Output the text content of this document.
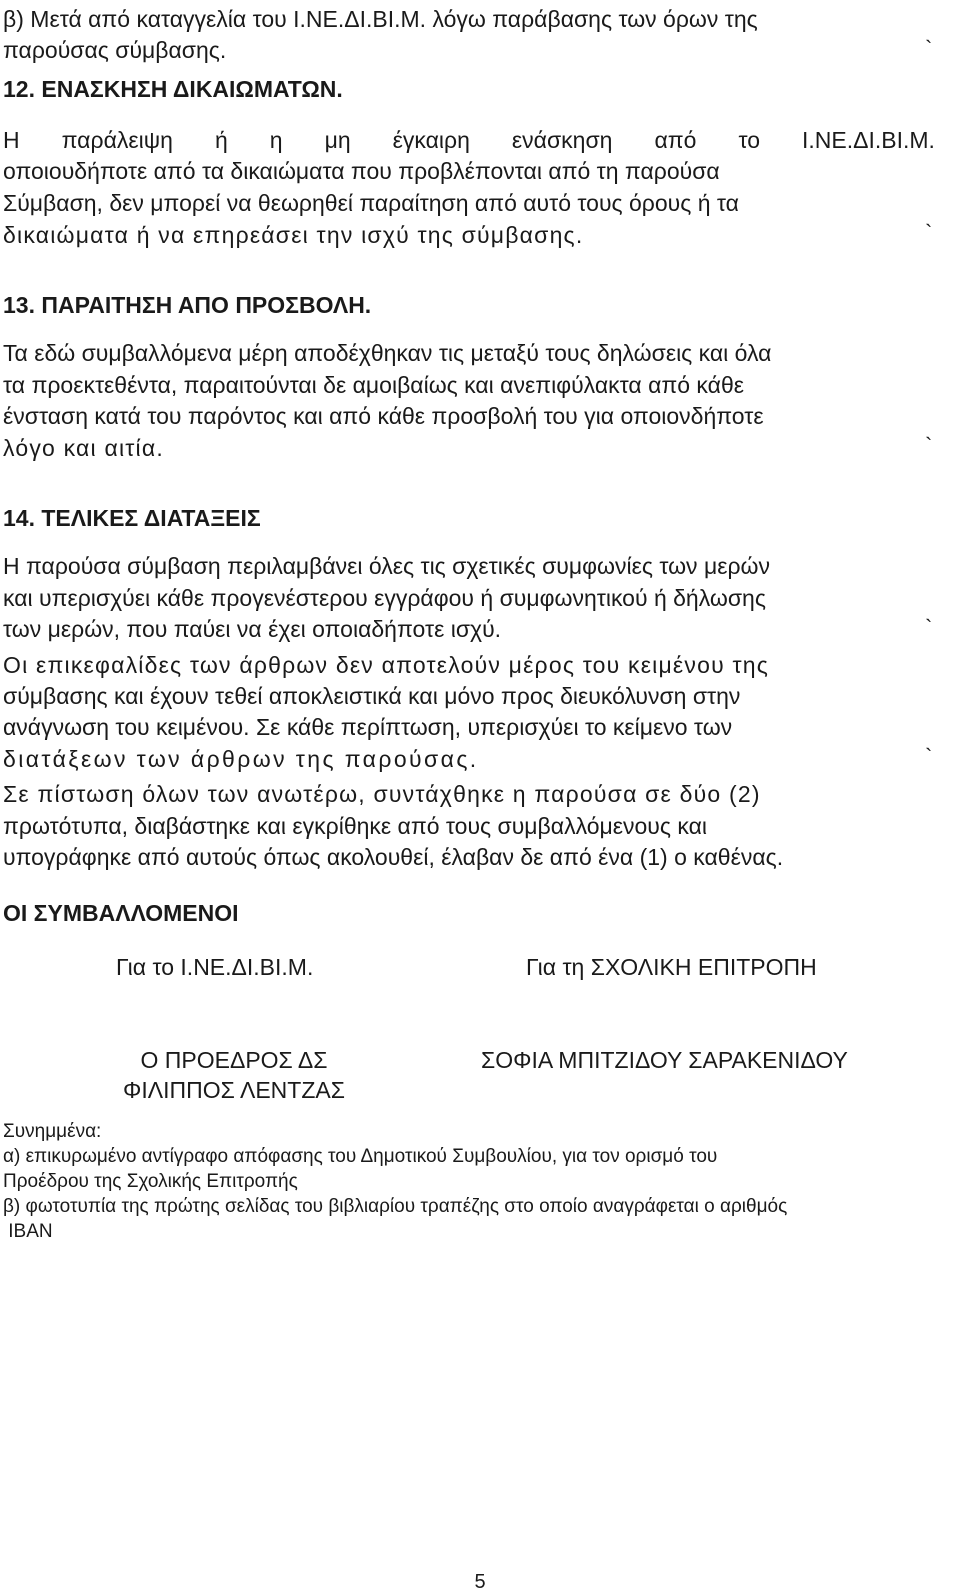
β) Μετά από καταγγελία του Ι.ΝΕ.ΔΙ.ΒΙ.Μ. λόγω παράβασης των όρων της
παρούσας σύμβασης.	`
12. ΕΝΑΣΚΗΣΗ ΔΙΚΑΙΩΜΑΤΩΝ.
Η παράλειψη ή η μη έγκαιρη ενάσκηση από το Ι.ΝΕ.ΔΙ.ΒΙ.Μ.
οποιουδήποτε από τα δικαιώματα που προβλέπονται από τη παρούσα
Σύμβαση, δεν μπορεί να θεωρηθεί παραίτηση από αυτό τους όρους ή τα
δικαιώματα ή να επηρεάσει την ισχύ της σύμβασης.	`
13. ΠΑΡΑΙΤΗΣΗ ΑΠΟ ΠΡΟΣΒΟΛΗ.
Τα εδώ συμβαλλόμενα μέρη αποδέχθηκαν τις μεταξύ τους δηλώσεις και όλα
τα προεκτεθέντα, παραιτούνται δε αμοιβαίως και ανεπιφύλακτα από κάθε
ένσταση κατά του παρόντος και από κάθε προσβολή του για οποιονδήποτε
λόγο και αιτία.	`
14. ΤΕΛΙΚΕΣ ΔΙΑΤΑΞΕΙΣ
Η παρούσα σύμβαση περιλαμβάνει όλες τις σχετικές συμφωνίες των μερών
και υπερισχύει κάθε προγενέστερου εγγράφου ή συμφωνητικού ή δήλωσης
των μερών, που παύει να έχει οποιαδήποτε ισχύ.	`
Οι επικεφαλίδες των άρθρων δεν αποτελούν μέρος του κειμένου της
σύμβασης και έχουν τεθεί αποκλειστικά και μόνο προς διευκόλυνση στην
ανάγνωση του κειμένου. Σε κάθε περίπτωση, υπερισχύει το κείμενο των
διατάξεων των άρθρων της παρούσας.	`
Σε πίστωση όλων των ανωτέρω, συντάχθηκε η παρούσα σε δύο (2)
πρωτότυπα, διαβάστηκε και εγκρίθηκε από τους συμβαλλόμενους και
υπογράφηκε από αυτούς όπως ακολουθεί, έλαβαν δε από ένα (1) ο καθένας.
ΟΙ ΣΥΜΒΑΛΛΟΜΕΝΟΙ
Για το Ι.ΝΕ.ΔΙ.ΒΙ.Μ.	Για τη ΣΧΟΛΙΚΗ ΕΠΙΤΡΟΠΗ
Ο ΠΡΟΕΔΡΟΣ ΔΣ
ΦΙΛΙΠΠΟΣ ΛΕΝΤΖΑΣ
ΣΟΦΙΑ ΜΠΙΤΖΙΔΟΥ ΣΑΡΑΚΕΝΙΔΟΥ
Συνημμένα:
α) επικυρωμένο αντίγραφο απόφασης του Δημοτικού Συμβουλίου, για τον ορισμό του
Προέδρου της Σχολικής Επιτροπής
β) φωτοτυπία της πρώτης σελίδας του βιβλιαρίου τραπέζης στο οποίο αναγράφεται ο αριθμός
IBAN
5
